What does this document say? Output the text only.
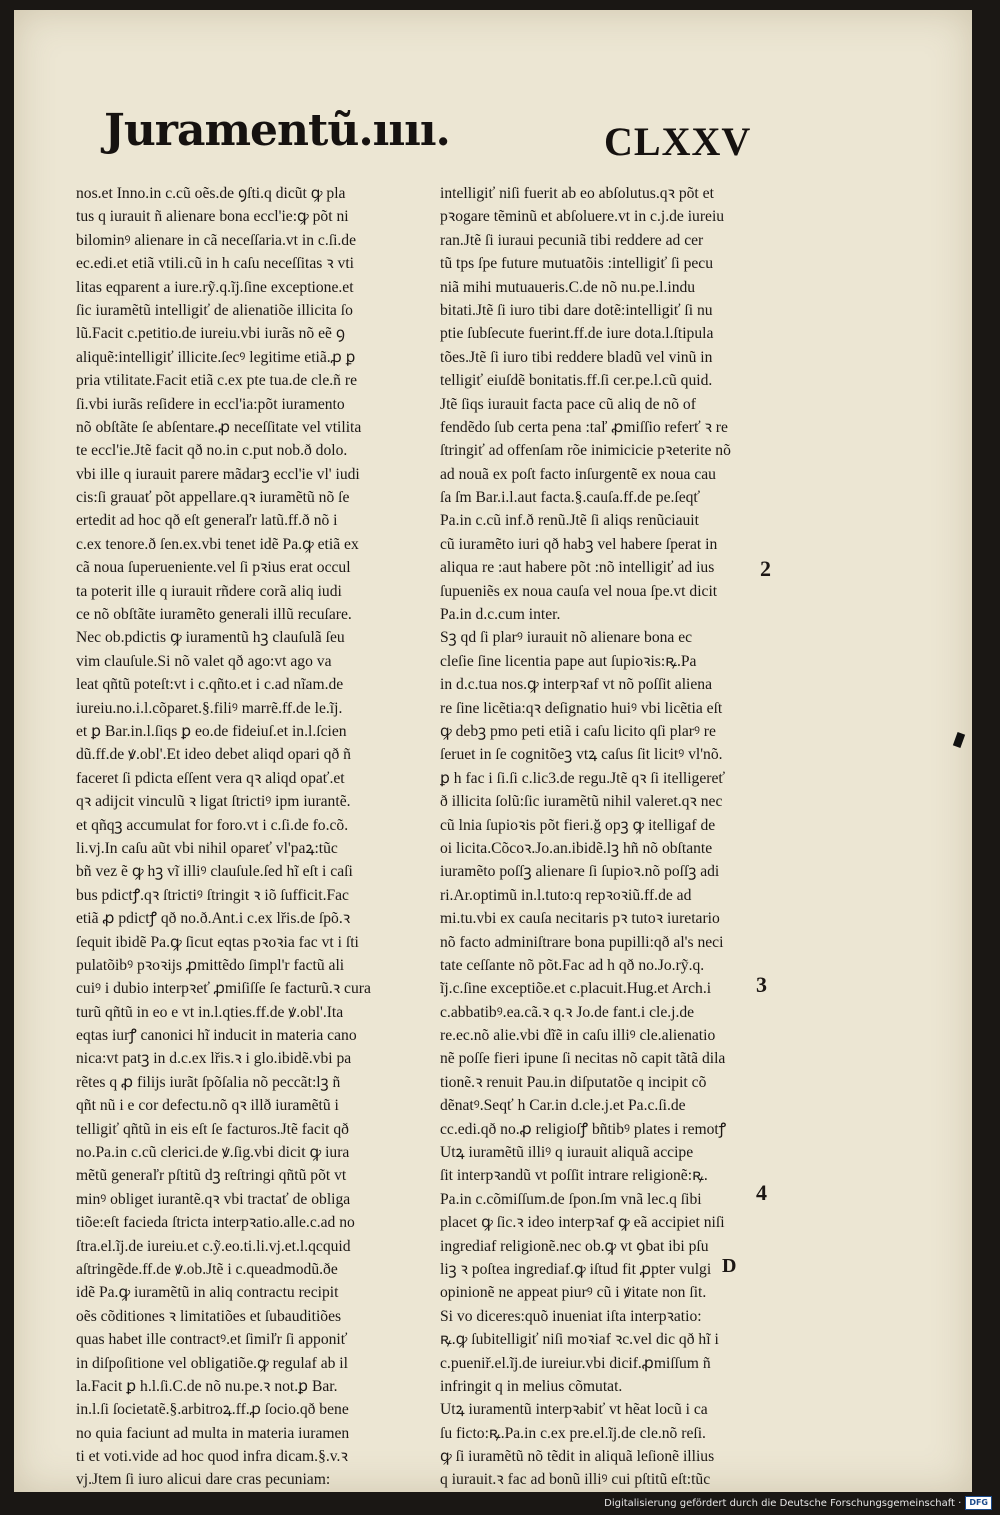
Juramentũ.ıııı.	CLXXV
nos.et Inno.in c.cũ oẽs.de ꝯſti.q dicũt ꝙ pla
tus q iurauit ñ alienare bona eccl'ie:ꝙ põt ni
bilominꝰ alienare in cã neceſſaria.vt in c.ſi.de
ec.edi.et etiã vtili.cũ in h caſu neceſſitas ꝛ vti
litas eqparent a iure.rỹ.q.ĩj.ſine exceptione.et
ſic iuramẽtũ intelligiť de alienatiõe illicita ſo
lũ.Facit c.petitio.de iureiu.vbi iurãs nõ eẽ ꝯ
aliquẽ:intelligiť illicite.ſecꝰ legitime etiã.ꝓ ꝑ
pria vtilitate.Facit etiã c.ex pte tua.de cle.ñ re
ſi.vbi iurãs reſidere in eccl'ia:põt iuramento
nõ obſtãte ſe abſentare.ꝓ neceſſitate vel vtilita
te eccl'ie.Jtẽ facit qð no.in c.put nob.ð dolo.
vbi ille q iurauit parere mãdarꝫ eccl'ie vl' iudi
cis:ſi grauať põt appellare.qꝛ iuramẽtũ nõ ſe
ertedit ad hoc qð eſt generaľr latũ.ff.ð nõ i
c.ex tenore.ð ſen.ex.vbi tenet idẽ Pa.ꝙ etiã ex
cã noua ſuperueniente.vel ſi pꝛius erat occul
ta poterit ille q iurauit rñdere corã aliq iudi
ce nõ obſtãte iuramẽto generali illũ recuſare.
Nec ob.pdictis ꝙ iuramentũ hꝫ clauſulã ſeu
vim clauſule.Si nõ valet qð ago:vt ago va
leat qñtũ poteſt:vt i c.qñto.et i c.ad nĩam.de
iureiu.no.i.l.cõparet.§.filiꝰ marrẽ.ff.de le.ĩj.
et ꝑ Bar.in.l.ſiqs ꝑ eo.de fideiuſ.et in.l.ſcien
dũ.ff.de ꝟ.obl'.Et ideo debet aliqd opari qð ñ
faceret ſi pdicta eſſent vera qꝛ aliqd opať.et
qꝛ adijcit vinculũ ꝛ ligat ſtrictiꝰ ipm iurantẽ.
et qñqꝫ accumulat for foro.vt i c.ſi.de fo.cõ.
li.vj.In caſu aũt vbi nihil opareť vl'paꝝ:tũc
bñ vez ẽ ꝙ hꝫ vĩ illiꝰ clauſule.ſed hĩ eſt i caſi
bus pdictꝭ.qꝛ ſtrictiꝰ ſtringit ꝛ iõ ſufficit.Fac
etiã ꝓ pdictꝭ qð no.ð.Ant.i c.ex lřis.de ſpõ.ꝛ
ſequit ibidẽ Pa.ꝙ ſicut eqtas pꝛoꝛia fac vt i ſti
pulatõibꝰ pꝛoꝛijs ꝓmittẽdo ſimpl'r factũ ali
cuiꝰ i dubio interpꝛeť ꝓmiſiſſe ſe facturũ.ꝛ cura
turũ qñtũ in eo e vt in.l.qties.ff.de ꝟ.obl'.Ita
eqtas iurꝭ canonici hĩ inducit in materia cano
nica:vt patꝫ in d.c.ex lřis.ꝛ i glo.ibidẽ.vbi pa
rẽtes q ꝓ filijs iurãt ſpõſalia nõ peccãt:lꝫ ñ
qñt nũ i e cor defectu.nõ qꝛ illð iuramẽtũ i
telligiť qñtũ in eis eſt ſe facturos.Jtẽ facit qð
no.Pa.in c.cũ clerici.de ꝟ.ſig.vbi dicit ꝙ iura
mẽtũ generaľr pſtitũ dꝫ reſtringi qñtũ põt vt
minꝰ obliget iurantẽ.qꝛ vbi tractať de obliga
tiõe:eſt facieda ſtricta interpꝛatio.alle.c.ad no
ſtra.el.ĩj.de iureiu.et c.ỹ.eo.ti.li.vj.et.l.qcquid
aſtringẽde.ff.de ꝟ.ob.Jtẽ i c.queadmodũ.ðe
idẽ Pa.ꝙ iuramẽtũ in aliq contractu recipit
oẽs cõditiones ꝛ limitatiões et ſubauditiões
quas habet ille contractꝰ.et ſimiľr ſi apponiť
in diſpoſitione vel obligatiõe.ꝙ regulaf ab il
la.Facit ꝑ h.l.ſi.C.de nõ nu.pe.ꝛ not.ꝑ Bar.
in.l.ſi ſocietatẽ.§.arbitroꝝ.ff.ꝓ ſocio.qð bene
no quia faciunt ad multa in materia iuramen
ti et voti.vide ad hoc quod infra dicam.§.v.ꝛ
vj.Jtem ſi iuro alicui dare cras pecuniam:
intelligiť niſi fuerit ab eo abſolutus.qꝛ põt et
pꝛogare tẽminũ et abſoluere.vt in c.j.de iureiu
ran.Jtẽ ſi iuraui pecuniã tibi reddere ad cer
tũ tps ſpe future mutuatõis :intelligiť ſi pecu
niã mihi mutuaueris.C.de nõ nu.pe.l.indu
bitati.Jtẽ ſi iuro tibi dare dotẽ:intelligiť ſi nu
ptie ſubſecute fuerint.ff.de iure dota.l.ſtipula
tões.Jtẽ ſi iuro tibi reddere bladũ vel vinũ in
telligiť eiuſdẽ bonitatis.ff.ſi cer.pe.l.cũ quid.
Jtẽ ſiqs iurauit facta pace cũ aliq de nõ of
fendẽdo ſub certa pena :taľ ꝓmiſſio referť ꝛ re
ſtringiť ad offenſam rõe inimicicie pꝛeterite nõ
ad nouã ex poſt facto inſurgentẽ ex noua cau
ſa ſm Bar.i.l.aut facta.§.cauſa.ff.de pe.ſeqť
Pa.in c.cũ inf.ð renũ.Jtẽ ſi aliqs renũciauit
cũ iuramẽto iuri qð habꝫ vel habere ſperat in
aliqua re :aut habere põt :nõ intelligiť ad ius
ſupueniẽs ex noua cauſa vel noua ſpe.vt dicit
Pa.in d.c.cum inter.
Sꝫ qd ſi plarꝰ iurauit nõ alienare bona ec
cleſie ſine licentia pape aut ſupioꝛis:ꝶ.Pa
in d.c.tua nos.ꝙ interpꝛaf vt nõ poſſit aliena
re ſine licẽtia:qꝛ deſignatio huiꝰ vbi licẽtia eſt
ꝙ debꝫ pmo peti etiã i caſu licito qſi plarꝰ re
ſeruet in ſe cognitõeꝫ vtꝝ caſus ſit licitꝰ vl'nõ.
ꝑ h fac i ſi.ſi c.lic3.de regu.Jtẽ qꝛ ſi itelligereť
ð illicita ſolũ:ſic iuramẽtũ nihil valeret.qꝛ nec
cũ lnia ſupioꝛis põt fieri.ğ opꝫ ꝙ itelligaf de
oi licita.Cõcoꝛ.Jo.an.ibidẽ.lꝫ hñ nõ obſtante
iuramẽto poſſꝫ alienare ſi ſupioꝛ.nõ poſſꝫ adi
ri.Ar.optimũ in.l.tuto:q repꝛoꝛiũ.ff.de ad
mi.tu.vbi ex cauſa necitaris pꝛ tutoꝛ iuretario
nõ facto adminiſtrare bona pupilli:qð al's neci
tate ceſſante nõ põt.Fac ad h qð no.Jo.rỹ.q.
ĩj.c.ſine exceptiõe.et c.placuit.Hug.et Arch.i
c.abbatibꝰ.ea.cã.ꝛ q.ꝛ Jo.de fant.i cle.j.de
re.ec.nõ alie.vbi dĩẽ in caſu illiꝰ cle.alienatio
nẽ poſſe fieri ipune ſi necitas nõ capit tãtã dila
tionẽ.ꝛ renuit Pau.in diſputatõe q incipit cõ
dẽnatꝰ.Seqť h Car.in d.cle.j.et Pa.c.ſi.de
cc.edi.qð no.ꝓ religioſꝭ bñtibꝰ plates i remotꝭ
Utꝝ iuramẽtũ illiꝰ q iurauit aliquã accipe
ſit interpꝛandũ vt poſſit intrare religionẽ:ꝶ.
Pa.in c.cõmiſſum.de ſpon.ſm vnã lec.q ſibi
placet ꝙ ſic.ꝛ ideo interpꝛaf ꝙ eã accipiet niſi
ingrediaf religionẽ.nec ob.ꝙ vt ꝯbat ibi pſu
liꝫ ꝛ poſtea ingrediaf.ꝙ iſtud fit ꝓpter vulgi
opinionẽ ne appeat piurꝰ cũ i ꝟitate non ſit.
Si vo diceres:quõ inueniat iſta interpꝛatio:
ꝶ.ꝙ ſubitelligiť niſi moꝛiaf ꝛc.vel dic qð hĩ i
c.pueniř.el.ĩj.de iureiur.vbi dicif.ꝓmiſſum ñ
infringit q in melius cõmutat.
Utꝝ iuramentũ interpꝛabiť vt hẽat locũ i ca
ſu ficto:ꝶ.Pa.in c.ex pre.el.ĩj.de cle.nõ reſi.
ꝙ ſi iuramẽtũ nõ tẽdit in aliquã leſionẽ illius
q iurauit.ꝛ fac ad bonũ illiꝰ cui pſtitũ eſt:tũc
2
3
4
D
Digitalisierung gefördert durch die Deutsche Forschungsgemeinschaft ·	DFG
